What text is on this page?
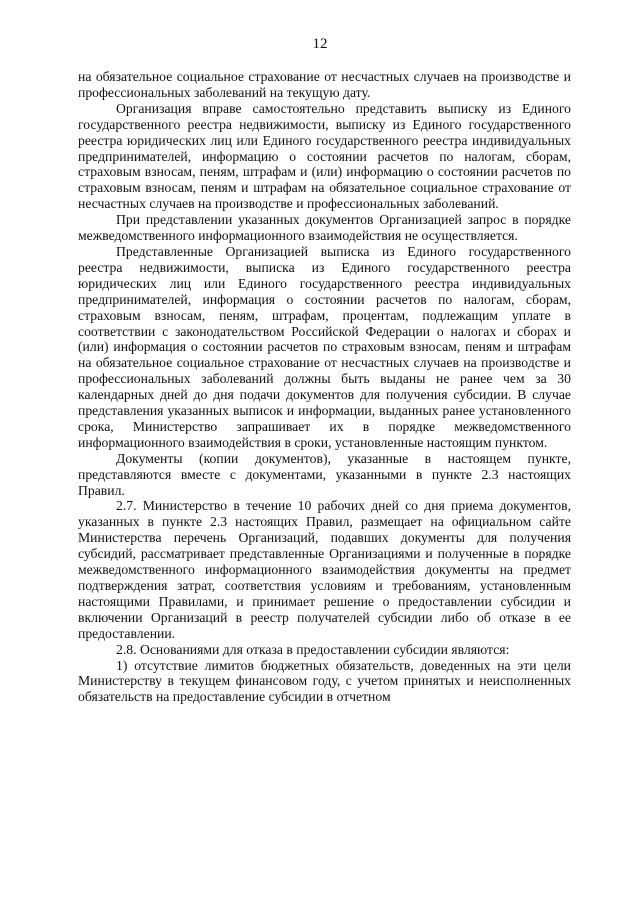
12

на обязательное социальное страхование от несчастных случаев на производстве и профессиональных заболеваний на текущую дату.

Организация вправе самостоятельно представить выписку из Единого государственного реестра недвижимости, выписку из Единого государственного реестра юридических лиц или Единого государственного реестра индивидуальных предпринимателей, информацию о состоянии расчетов по налогам, сборам, страховым взносам, пеням, штрафам и (или) информацию о состоянии расчетов по страховым взносам, пеням и штрафам на обязательное социальное страхование от несчастных случаев на производстве и профессиональных заболеваний.

При представлении указанных документов Организацией запрос в порядке межведомственного информационного взаимодействия не осуществляется.

Представленные Организацией выписка из Единого государственного реестра недвижимости, выписка из Единого государственного реестра юридических лиц или Единого государственного реестра индивидуальных предпринимателей, информация о состоянии расчетов по налогам, сборам, страховым взносам, пеням, штрафам, процентам, подлежащим уплате в соответствии с законодательством Российской Федерации о налогах и сборах и (или) информация о состоянии расчетов по страховым взносам, пеням и штрафам на обязательное социальное страхование от несчастных случаев на производстве и профессиональных заболеваний должны быть выданы не ранее чем за 30 календарных дней до дня подачи документов для получения субсидии. В случае представления указанных выписок и информации, выданных ранее установленного срока, Министерство запрашивает их в порядке межведомственного информационного взаимодействия в сроки, установленные настоящим пунктом.

Документы (копии документов), указанные в настоящем пункте, представляются вместе с документами, указанными в пункте 2.3 настоящих Правил.

2.7. Министерство в течение 10 рабочих дней со дня приема документов, указанных в пункте 2.3 настоящих Правил, размещает на официальном сайте Министерства перечень Организаций, подавших документы для получения субсидий, рассматривает представленные Организациями и полученные в порядке межведомственного информационного взаимодействия документы на предмет подтверждения затрат, соответствия условиям и требованиям, установленным настоящими Правилами, и принимает решение о предоставлении субсидии и включении Организаций в реестр получателей субсидии либо об отказе в ее предоставлении.

2.8. Основаниями для отказа в предоставлении субсидии являются:

1) отсутствие лимитов бюджетных обязательств, доведенных на эти цели Министерству в текущем финансовом году, с учетом принятых и неисполненных обязательств на предоставление субсидии в отчетном
